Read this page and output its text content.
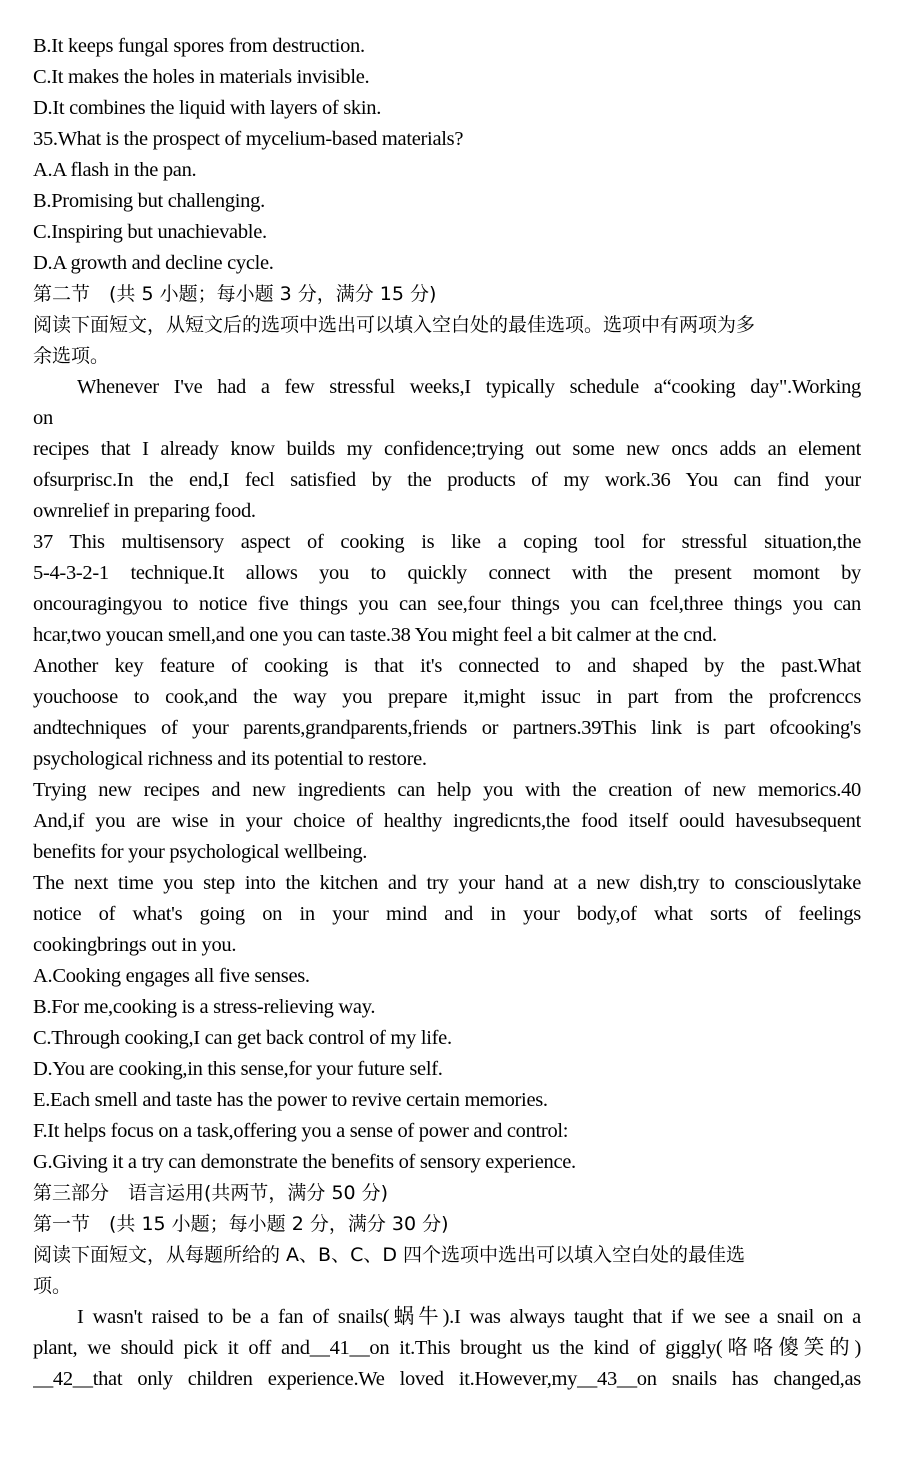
B.It keeps fungal spores from destruction.
C.It makes the holes in materials invisible.
D.It combines the liquid with layers of skin.
35.What is the prospect of mycelium-based materials?
A.A flash in the pan.
B.Promising but challenging.
C.Inspiring but unachievable.
D.A growth and decline cycle.
第二节　(共 5 小题；每小题 3 分，满分 15 分)
阅读下面短文，从短文后的选项中选出可以填入空白处的最佳选项。选项中有两项为多
余选项。
Whenever I've had a few stressful weeks,I typically schedule a“cooking day".Working
on
recipes that I already know builds my confidence;trying out some new oncs adds an element
ofsurprisc.In the end,I fecl satisfied by the products of my work.36 You can find your
ownrelief in preparing food.
37 This multisensory aspect of cooking is like a coping tool for stressful situation,the
5-4-3-2-1 technique.It allows you to quickly connect with the present momont by
oncouragingyou to notice five things you can see,four things you can fcel,three things you can
hcar,two youcan smell,and one you can taste.38 You might feel a bit calmer at the cnd.
Another key feature of cooking is that it's connected to and shaped by the past.What
youchoose to cook,and the way you prepare it,might issuc in part from the profcrenccs
andtechniques of your parents,grandparents,friends or partners.39This link is part ofcooking's
psychological richness and its potential to restore.
Trying new recipes and new ingredients can help you with the creation of new memorics.40
And,if you are wise in your choice of healthy ingredicnts,the food itself oould havesubsequent
benefits for your psychological wellbeing.
The next time you step into the kitchen and try your hand at a new dish,try to consciouslytake
notice of what's going on in your mind and in your body,of what sorts of feelings
cookingbrings out in you.
A.Cooking engages all five senses.
B.For me,cooking is a stress-relieving way.
C.Through cooking,I can get back control of my life.
D.You are cooking,in this sense,for your future self.
E.Each smell and taste has the power to revive certain memories.
F.It helps focus on a task,offering you a sense of power and control:
G.Giving it a try can demonstrate the benefits of sensory experience.
第三部分　语言运用(共两节，满分 50 分)
第一节　(共 15 小题；每小题 2 分，满分 30 分)
阅读下面短文，从每题所给的 A、B、C、D 四个选项中选出可以填入空白处的最佳选
项。
I wasn't raised to be a fan of snails(蜗牛).I was always taught that if we see a snail on a
plant, we should pick it off and__41__on it.This brought us the kind of giggly(咯咯傻笑的)
__42__that only children experience.We loved it.However,my__43__on snails has changed,as
